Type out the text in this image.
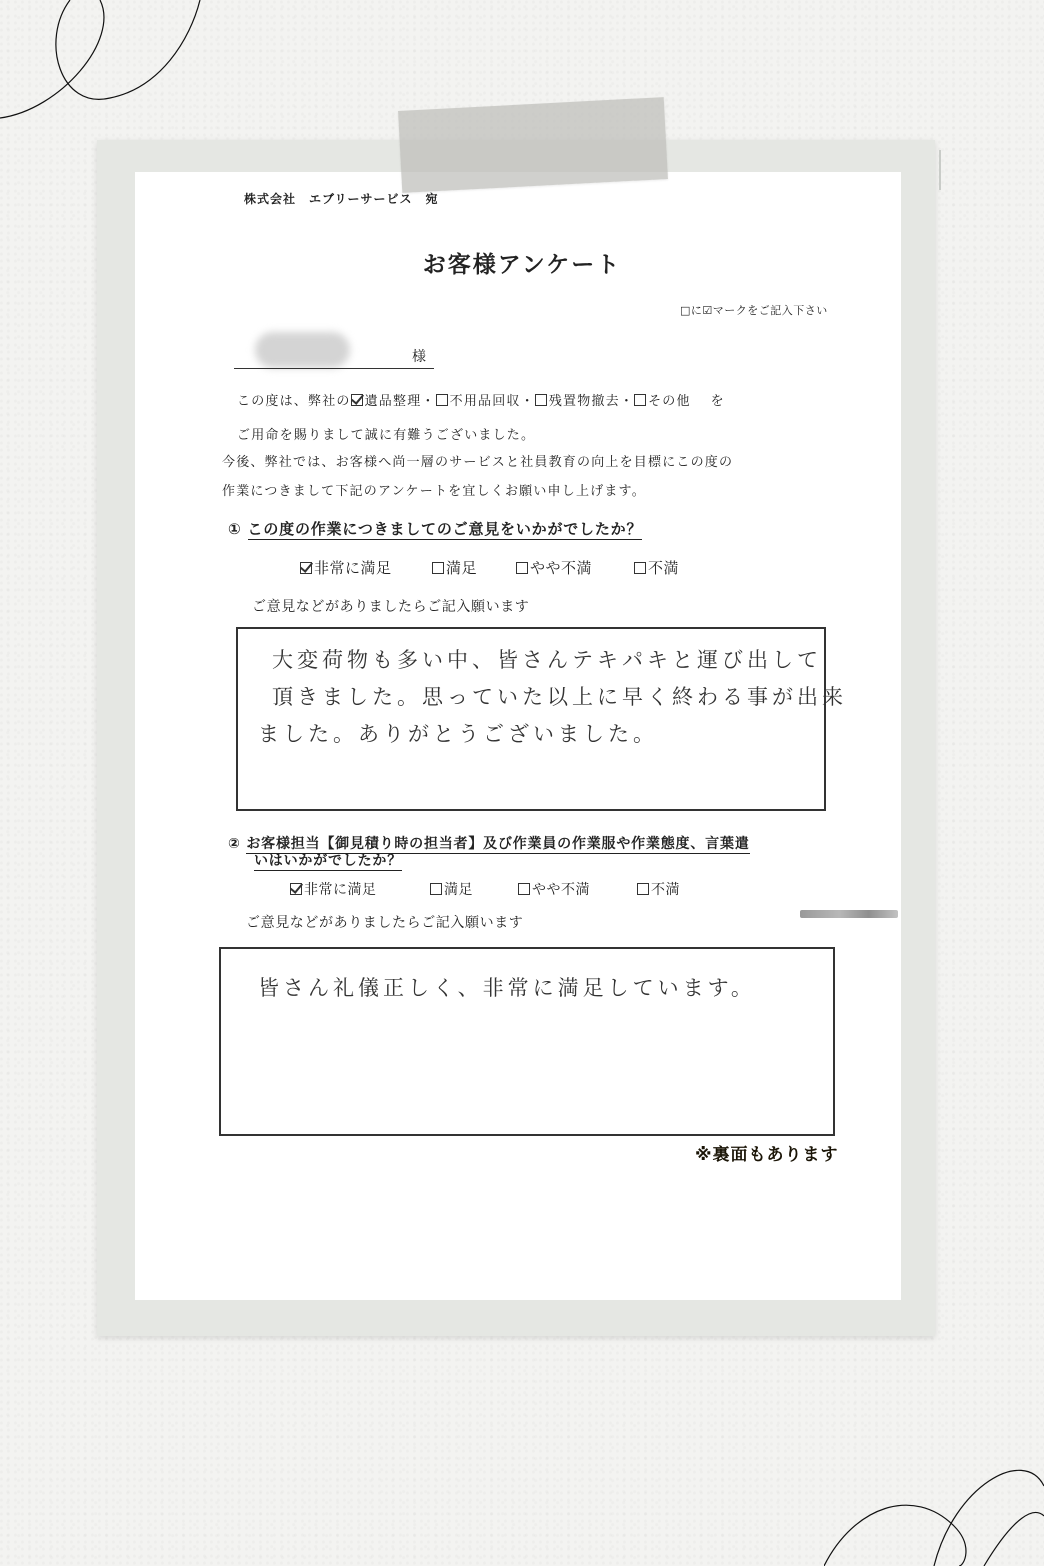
株式会社　エブリーサービス　宛
お客様アンケート
□に☑マークをご記入下さい
様
この度は、弊社の 遺品整理・ 不用品回収・ 残置物撤去・ その他 を
ご用命を賜りまして誠に有難うございました。
今後、弊社では、お客様へ尚一層のサービスと社員教育の向上を目標にこの度の
作業につきまして下記のアンケートを宜しくお願い申し上げます。
① この度の作業につきましてのご意見をいかがでしたか？
非常に満足	満足	やや不満	不満
ご意見などがありましたらご記入願います
大変荷物も多い中、皆さんテキパキと運び出して
頂きました。思っていた以上に早く終わる事が出来
ました。ありがとうございました。
② お客様担当【御見積り時の担当者】及び作業員の作業服や作業態度、言葉遣
いはいかがでしたか？
非常に満足	満足	やや不満	不満
ご意見などがありましたらご記入願います
皆さん礼儀正しく、非常に満足しています。
※裏面もあります
